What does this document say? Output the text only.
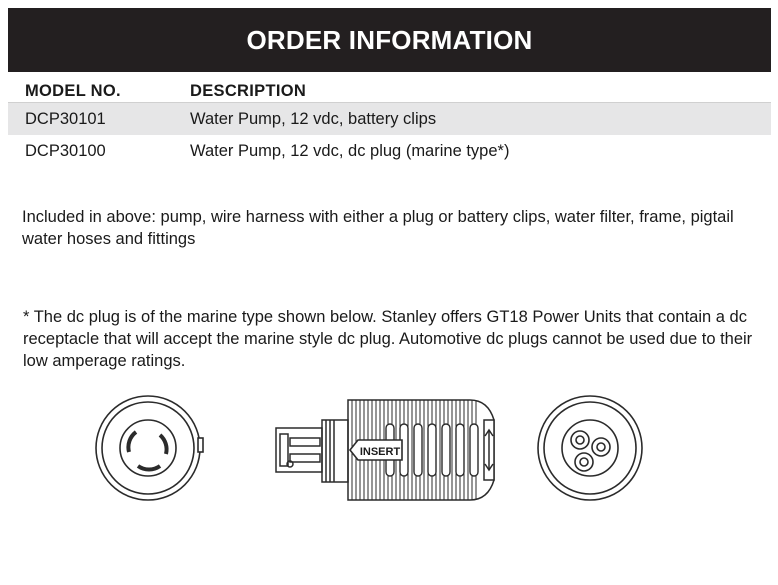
ORDER INFORMATION
MODEL NO.	DESCRIPTION
DCP30101	Water Pump, 12 vdc, battery clips
DCP30100	Water Pump, 12 vdc, dc plug (marine type*)

Included in above: pump, wire harness with either a plug or battery clips, water filter, frame, pigtail water hoses and fittings

* The dc plug is of the marine type shown below. Stanley offers GT18 Power Units that contain a dc receptacle that will accept the marine style dc plug. Automotive dc plugs cannot be used due to their low amperage ratings.

INSERT
